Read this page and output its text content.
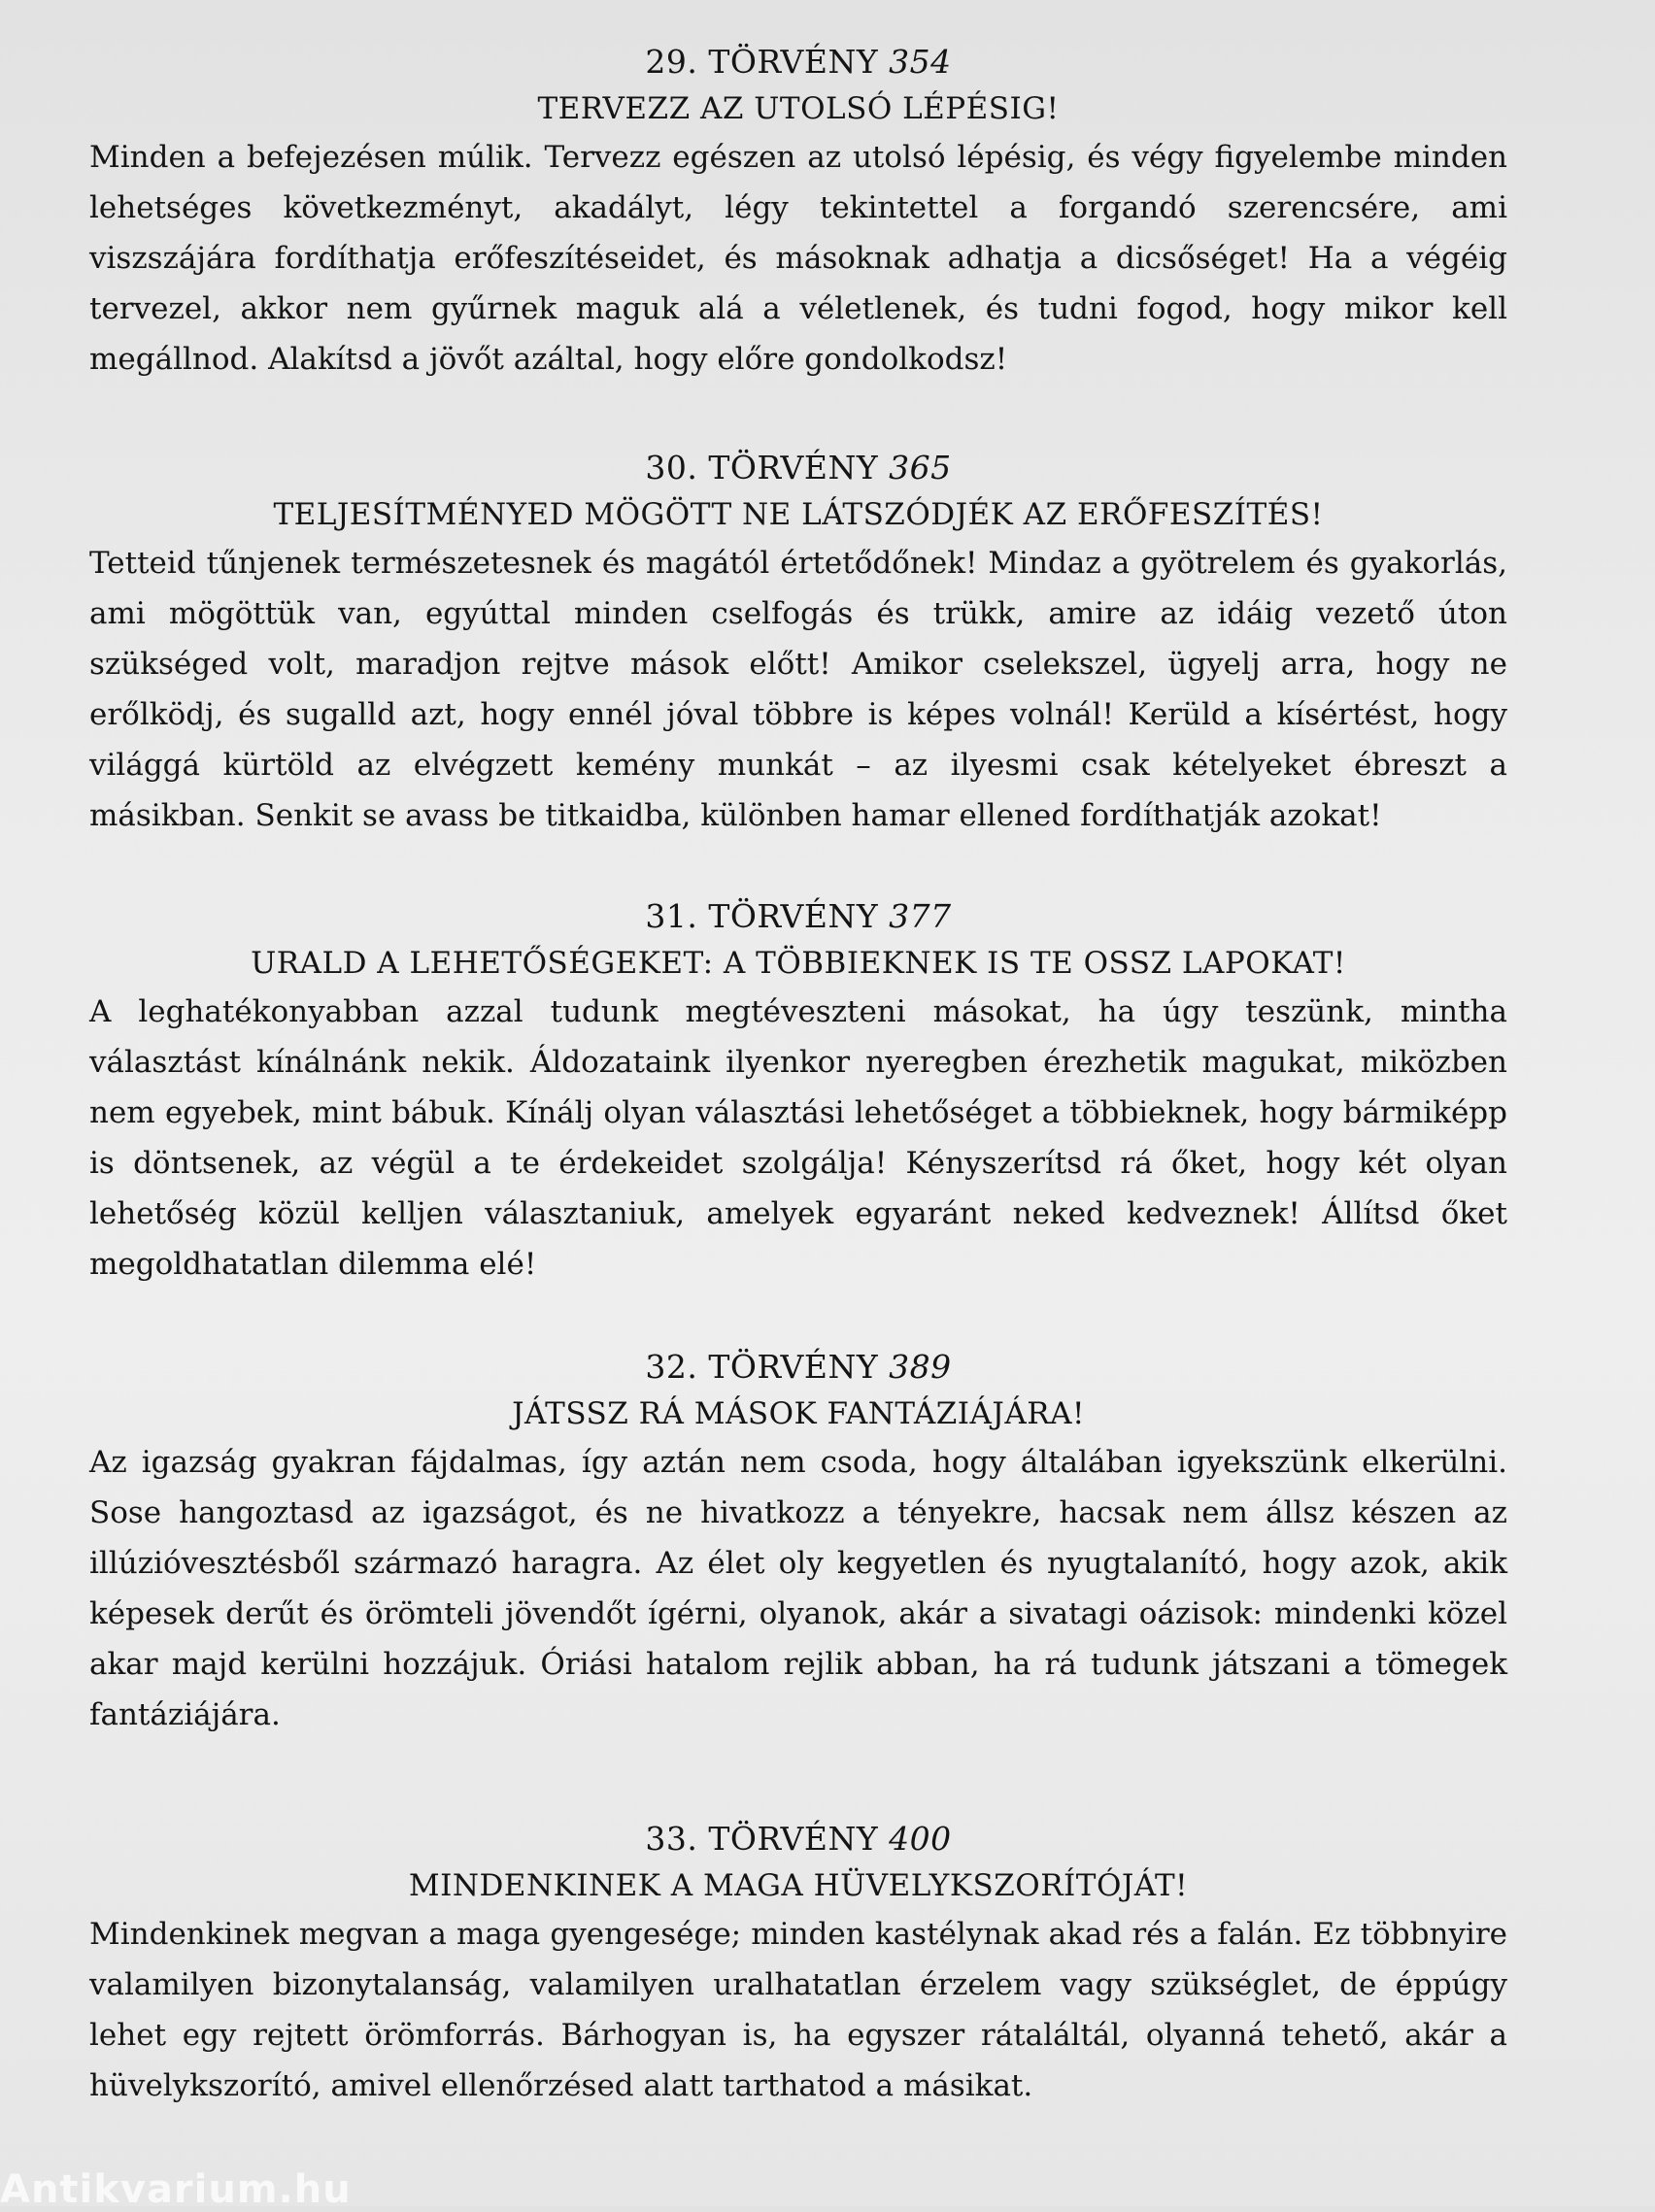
29. TÖRVÉNY 354
TERVEZZ AZ UTOLSÓ LÉPÉSIG!
Minden a befejezésen múlik. Tervezz egészen az utolsó lépésig, és végy figyelembe minden lehetséges következményt, akadályt, légy tekintettel a forgandó szerencsére, ami viszszájára fordíthatja erőfeszítéseidet, és másoknak adhatja a dicsőséget! Ha a végéig tervezel, akkor nem gyűrnek maguk alá a véletlenek, és tudni fogod, hogy mikor kell megállnod. Alakítsd a jövőt azáltal, hogy előre gondolkodsz!
30. TÖRVÉNY 365
TELJESÍTMÉNYED MÖGÖTT NE LÁTSZÓDJÉK AZ ERŐFESZÍTÉS!
Tetteid tűnjenek természetesnek és magától értetődőnek! Mindaz a gyötrelem és gyakorlás, ami mögöttük van, egyúttal minden cselfogás és trükk, amire az idáig vezető úton szükséged volt, maradjon rejtve mások előtt! Amikor cselekszel, ügyelj arra, hogy ne erőlködj, és sugalld azt, hogy ennél jóval többre is képes volnál! Kerüld a kísértést, hogy világgá kürtöld az elvégzett kemény munkát – az ilyesmi csak kételyeket ébreszt a másikban. Senkit se avass be titkaidba, különben hamar ellened fordíthatják azokat!
31. TÖRVÉNY 377
URALD A LEHETŐSÉGEKET: A TÖBBIEKNEK IS TE OSSZ LAPOKAT!
A leghatékonyabban azzal tudunk megtéveszteni másokat, ha úgy teszünk, mintha választást kínálnánk nekik. Áldozataink ilyenkor nyeregben érezhetik magukat, miközben nem egyebek, mint bábuk. Kínálj olyan választási lehetőséget a többieknek, hogy bármiképp is döntsenek, az végül a te érdekeidet szolgálja! Kényszerítsd rá őket, hogy két olyan lehetőség közül kelljen választaniuk, amelyek egyaránt neked kedveznek! Állítsd őket megoldhatatlan dilemma elé!
32. TÖRVÉNY 389
JÁTSSZ RÁ MÁSOK FANTÁZIÁJÁRA!
Az igazság gyakran fájdalmas, így aztán nem csoda, hogy általában igyekszünk elkerülni. Sose hangoztasd az igazságot, és ne hivatkozz a tényekre, hacsak nem állsz készen az illúzióvesztésből származó haragra. Az élet oly kegyetlen és nyugtalanító, hogy azok, akik képesek derűt és örömteli jövendőt ígérni, olyanok, akár a sivatagi oázisok: mindenki közel akar majd kerülni hozzájuk. Óriási hatalom rejlik abban, ha rá tudunk játszani a tömegek fantáziájára.
33. TÖRVÉNY 400
MINDENKINEK A MAGA HÜVELYKSZORÍTÓJÁT!
Mindenkinek megvan a maga gyengesége; minden kastélynak akad rés a falán. Ez többnyire valamilyen bizonytalanság, valamilyen uralhatatlan érzelem vagy szükséglet, de éppúgy lehet egy rejtett örömforrás. Bárhogyan is, ha egyszer rátaláltál, olyanná tehető, akár a hüvelykszorító, amivel ellenőrzésed alatt tarthatod a másikat.
Antikvarium.hu
